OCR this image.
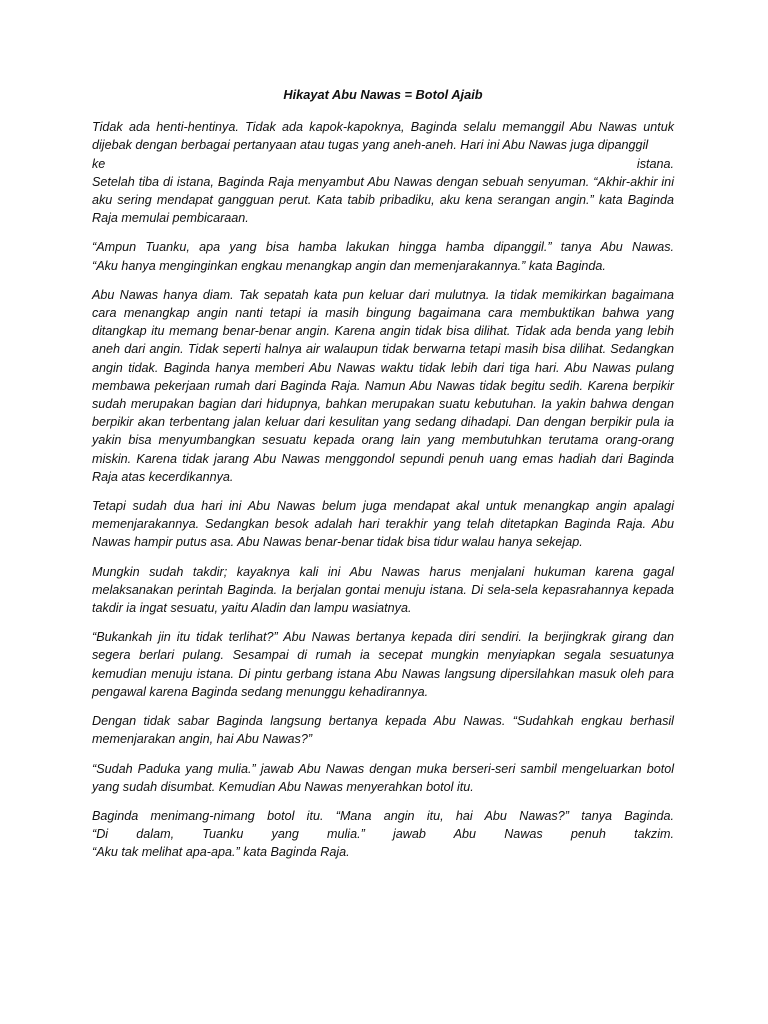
Hikayat Abu Nawas = Botol Ajaib
Tidak ada henti-hentinya. Tidak ada kapok-kapoknya, Baginda selalu memanggil Abu Nawas untuk dijebak dengan berbagai pertanyaan atau tugas yang aneh-aneh. Hari ini Abu Nawas juga dipanggil
ke istana.
Setelah tiba di istana, Baginda Raja menyambut Abu Nawas dengan sebuah senyuman. “Akhir-akhir ini aku sering mendapat gangguan perut. Kata tabib pribadiku, aku kena serangan angin.” kata Baginda Raja memulai pembicaraan.
“Ampun Tuanku, apa yang bisa hamba lakukan hingga hamba dipanggil.” tanya Abu Nawas.
“Aku hanya menginginkan engkau menangkap angin dan memenjarakannya.” kata Baginda.
Abu Nawas hanya diam. Tak sepatah kata pun keluar dari mulutnya. Ia tidak memikirkan bagaimana cara menangkap angin nanti tetapi ia masih bingung bagaimana cara membuktikan bahwa yang ditangkap itu memang benar-benar angin. Karena angin tidak bisa dilihat. Tidak ada benda yang lebih aneh dari angin. Tidak seperti halnya air walaupun tidak berwarna tetapi masih bisa dilihat. Sedangkan angin tidak. Baginda hanya memberi Abu Nawas waktu tidak lebih dari tiga hari. Abu Nawas pulang membawa pekerjaan rumah dari Baginda Raja. Namun Abu Nawas tidak begitu sedih. Karena berpikir sudah merupakan bagian dari hidupnya, bahkan merupakan suatu kebutuhan. Ia yakin bahwa dengan berpikir akan terbentang jalan keluar dari kesulitan yang sedang dihadapi. Dan dengan berpikir pula ia yakin bisa menyumbangkan sesuatu kepada orang lain yang membutuhkan terutama orang-orang miskin. Karena tidak jarang Abu Nawas menggondol sepundi penuh uang emas hadiah dari Baginda Raja atas kecerdikannya.
Tetapi sudah dua hari ini Abu Nawas belum juga mendapat akal untuk menangkap angin apalagi memenjarakannya. Sedangkan besok adalah hari terakhir yang telah ditetapkan Baginda Raja. Abu Nawas hampir putus asa. Abu Nawas benar-benar tidak bisa tidur walau hanya sekejap.
Mungkin sudah takdir; kayaknya kali ini Abu Nawas harus menjalani hukuman karena gagal melaksanakan perintah Baginda. Ia berjalan gontai menuju istana. Di sela-sela kepasrahannya kepada takdir ia ingat sesuatu, yaitu Aladin dan lampu wasiatnya.
“Bukankah jin itu tidak terlihat?” Abu Nawas bertanya kepada diri sendiri. Ia berjingkrak girang dan segera berlari pulang. Sesampai di rumah ia secepat mungkin menyiapkan segala sesuatunya kemudian menuju istana. Di pintu gerbang istana Abu Nawas langsung dipersilahkan masuk oleh para pengawal karena Baginda sedang menunggu kehadirannya.
Dengan tidak sabar Baginda langsung bertanya kepada Abu Nawas. “Sudahkah engkau berhasil memenjarakan angin, hai Abu Nawas?”
“Sudah Paduka yang mulia.” jawab Abu Nawas dengan muka berseri-seri sambil mengeluarkan botol yang sudah disumbat. Kemudian Abu Nawas menyerahkan botol itu.
Baginda menimang-nimang botol itu. “Mana angin itu, hai Abu Nawas?” tanya Baginda.
“Di dalam, Tuanku yang mulia.” jawab Abu Nawas penuh takzim.
“Aku tak melihat apa-apa.” kata Baginda Raja.
